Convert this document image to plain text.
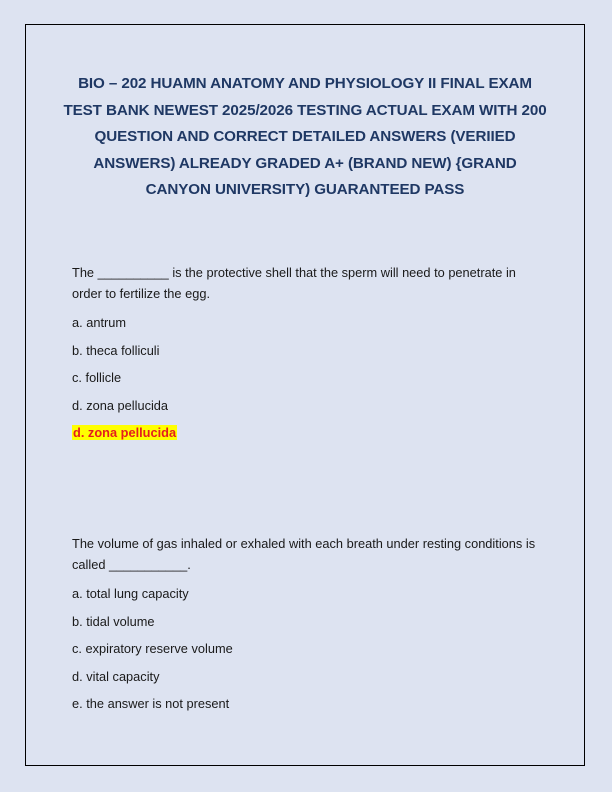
BIO – 202 HUAMN ANATOMY AND PHYSIOLOGY II FINAL EXAM TEST BANK NEWEST 2025/2026 TESTING ACTUAL EXAM WITH 200 QUESTION AND CORRECT DETAILED ANSWERS (VERIIED ANSWERS) ALREADY GRADED A+ (BRAND NEW) {GRAND CANYON UNIVERSITY) GUARANTEED PASS

The __________ is the protective shell that the sperm will need to penetrate in order to fertilize the egg.

a. antrum

b. theca folliculi

c. follicle

d. zona pellucida

d. zona pellucida

The volume of gas inhaled or exhaled with each breath under resting conditions is called ___________.

a. total lung capacity

b. tidal volume

c. expiratory reserve volume

d. vital capacity

e. the answer is not present
